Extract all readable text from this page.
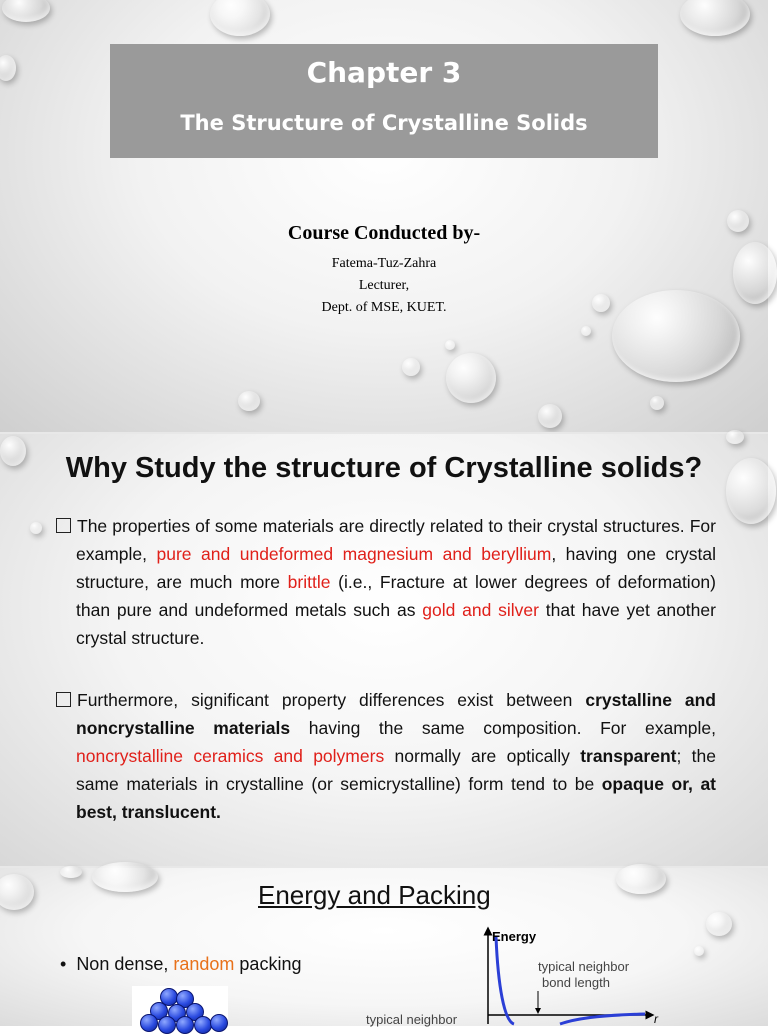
Chapter 3
The Structure of Crystalline Solids
Course Conducted by-
Fatema-Tuz-Zahra
Lecturer,
Dept. of MSE, KUET.
Why Study the structure of Crystalline solids?
The properties of some materials are directly related to their crystal structures. For example, pure and undeformed magnesium and beryllium, having one crystal structure, are much more brittle (i.e., Fracture at lower degrees of deformation) than pure and undeformed metals such as gold and silver that have yet another crystal structure.
Furthermore, significant property differences exist between crystalline and noncrystalline materials having the same composition. For example, noncrystalline ceramics and polymers normally are optically transparent; the same materials in crystalline (or semicrystalline) form tend to be opaque or, at best, translucent.
Energy and Packing
•  Non dense, random packing
Energy
r
typical neighbor
bond length
typical neighbor
